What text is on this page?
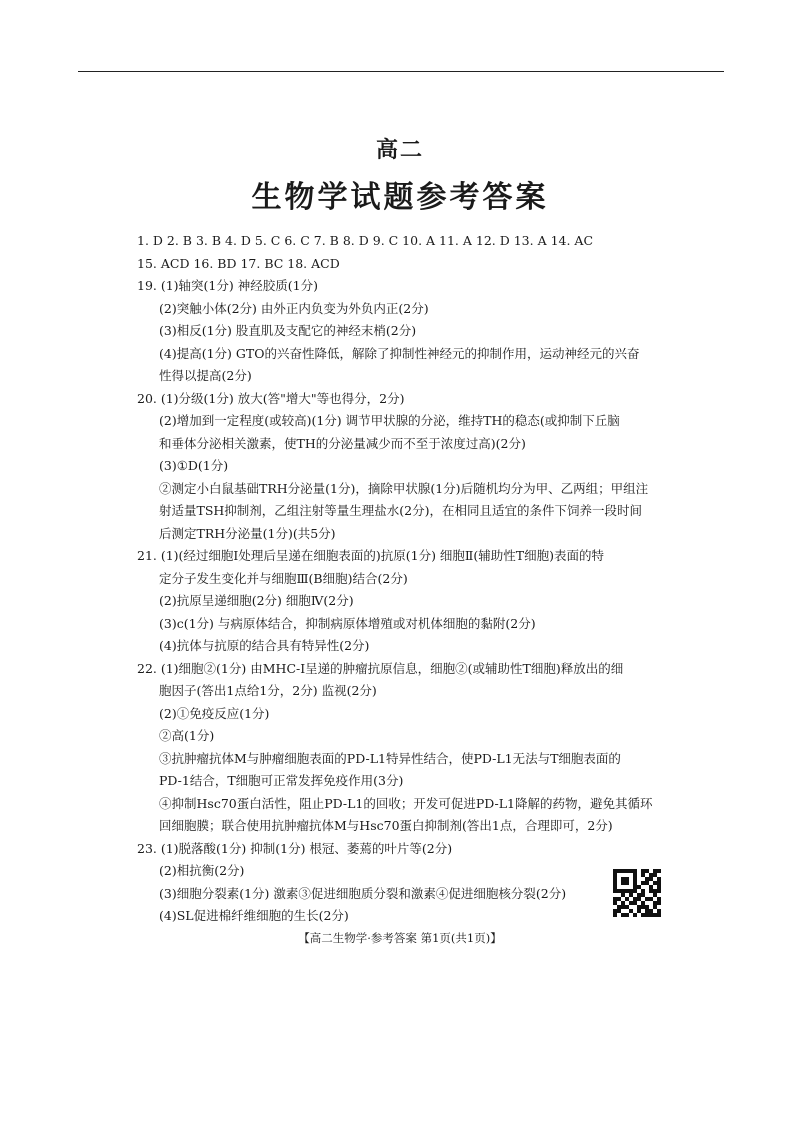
高二
生物学试题参考答案
1. D 2. B 3. B 4. D 5. C 6. C 7. B 8. D 9. C 10. A 11. A 12. D 13. A 14. AC
15. ACD 16. BD 17. BC 18. ACD
19. (1)轴突(1分) 神经胶质(1分)
(2)突触小体(2分) 由外正内负变为外负内正(2分)
(3)相反(1分) 股直肌及支配它的神经末梢(2分)
(4)提高(1分) GTO的兴奋性降低，解除了抑制性神经元的抑制作用，运动神经元的兴奋
性得以提高(2分)
20. (1)分级(1分) 放大(答"增大"等也得分，2分)
(2)增加到一定程度(或较高)(1分) 调节甲状腺的分泌，维持TH的稳态(或抑制下丘脑
和垂体分泌相关激素，使TH的分泌量减少而不至于浓度过高)(2分)
(3)①D(1分)
②测定小白鼠基础TRH分泌量(1分)，摘除甲状腺(1分)后随机均分为甲、乙两组；甲组注
射适量TSH抑制剂，乙组注射等量生理盐水(2分)，在相同且适宜的条件下饲养一段时间
后测定TRH分泌量(1分)(共5分)
21. (1)(经过细胞Ⅰ处理后呈递在细胞表面的)抗原(1分) 细胞Ⅱ(辅助性T细胞)表面的特
定分子发生变化并与细胞Ⅲ(B细胞)结合(2分)
(2)抗原呈递细胞(2分) 细胞Ⅳ(2分)
(3)c(1分) 与病原体结合，抑制病原体增殖或对机体细胞的黏附(2分)
(4)抗体与抗原的结合具有特异性(2分)
22. (1)细胞②(1分) 由MHC-Ⅰ呈递的肿瘤抗原信息，细胞②(或辅助性T细胞)释放出的细
胞因子(答出1点给1分，2分) 监视(2分)
(2)①免疫反应(1分)
②高(1分)
③抗肿瘤抗体M与肿瘤细胞表面的PD-L1特异性结合，使PD-L1无法与T细胞表面的
PD-1结合，T细胞可正常发挥免疫作用(3分)
④抑制Hsc70蛋白活性，阻止PD-L1的回收；开发可促进PD-L1降解的药物，避免其循环
回细胞膜；联合使用抗肿瘤抗体M与Hsc70蛋白抑制剂(答出1点，合理即可，2分)
23. (1)脱落酸(1分) 抑制(1分) 根冠、萎蔫的叶片等(2分)
(2)相抗衡(2分)
(3)细胞分裂素(1分) 激素③促进细胞质分裂和激素④促进细胞核分裂(2分)
(4)SL促进棉纤维细胞的生长(2分)
【高二生物学·参考答案 第1页(共1页)】
